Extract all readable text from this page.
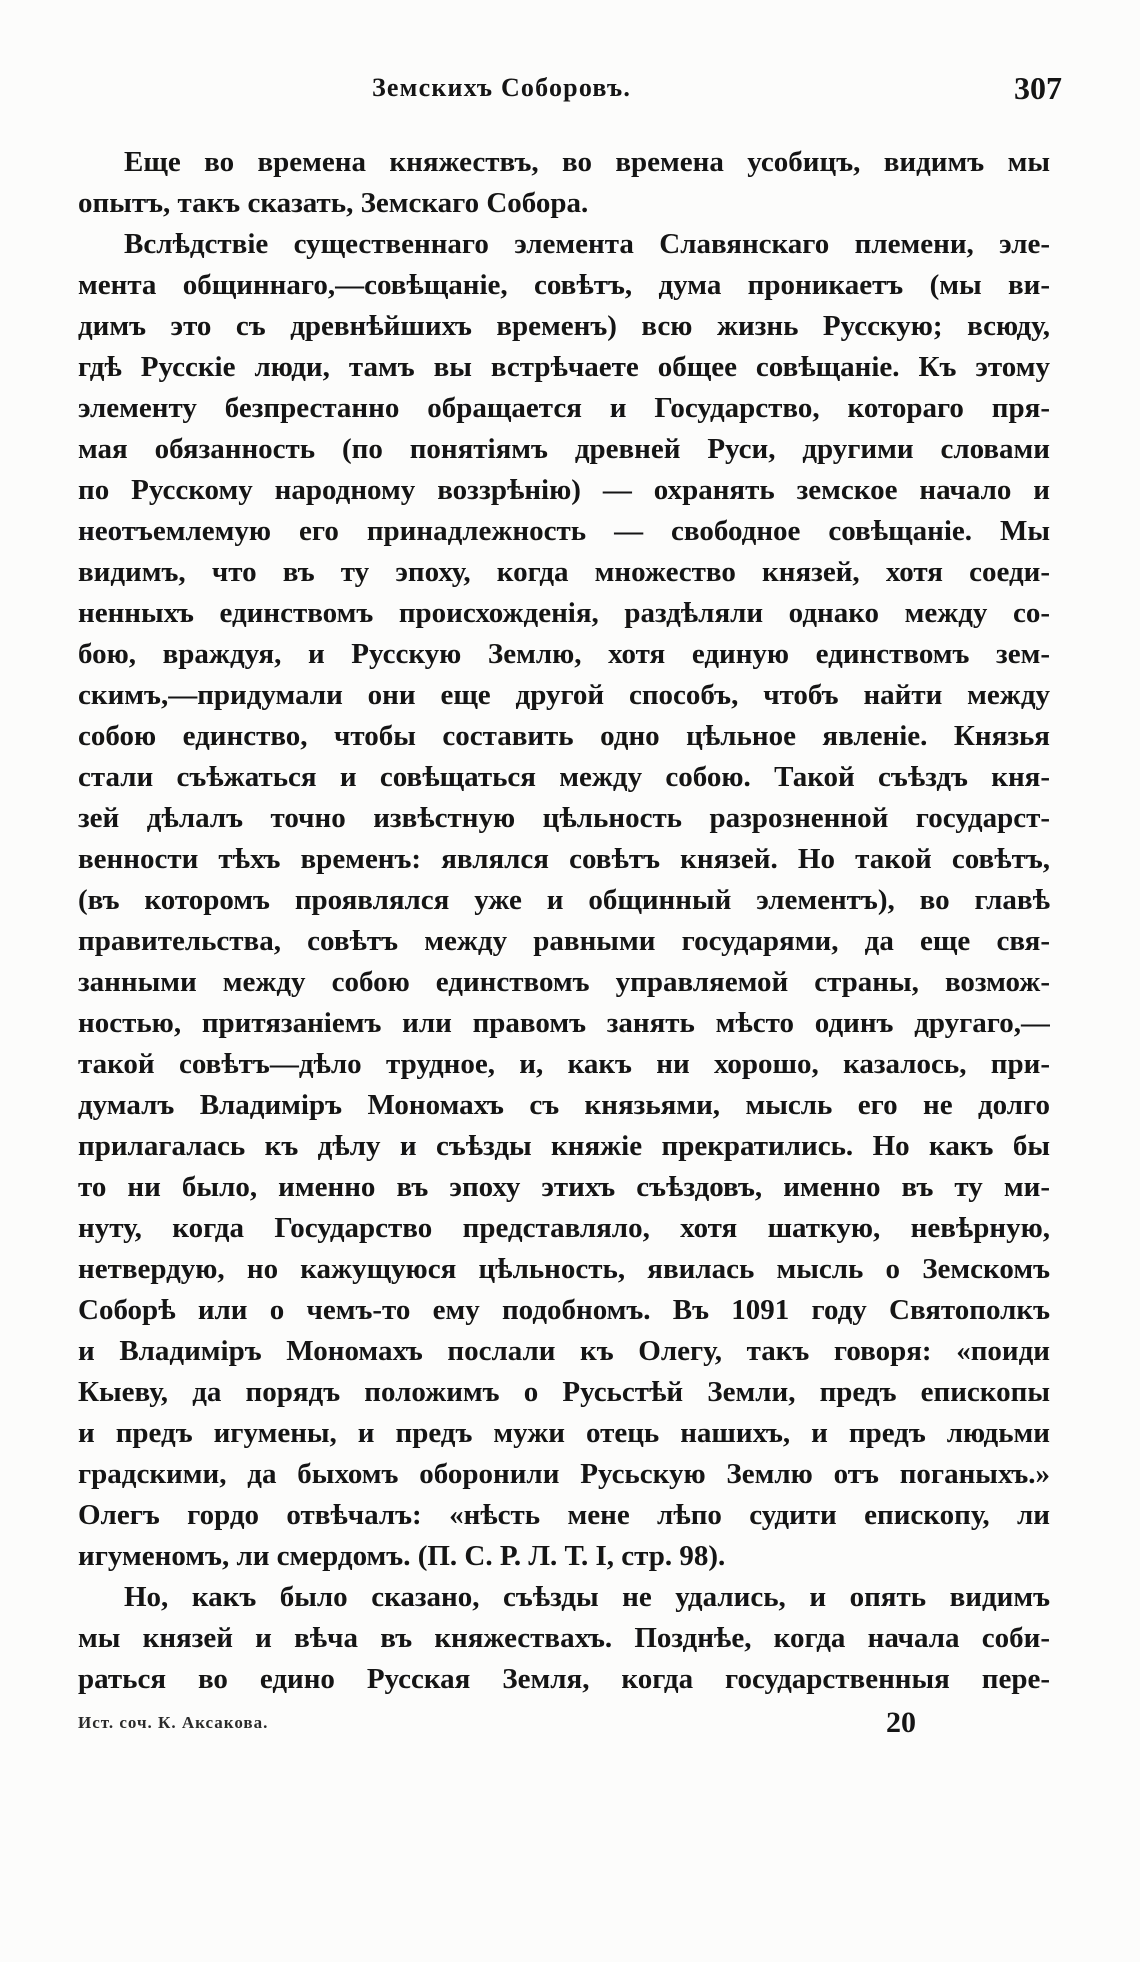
Земскихъ Соборовъ.	307
Еще во времена княжествъ, во времена усобицъ, видимъ мы
опытъ, такъ сказать, Земскаго Собора.
Вслѣдствіе существеннаго элемента Славянскаго племени, эле-
мента общиннаго,—совѣщаніе, совѣтъ, дума проникаетъ (мы ви-
димъ это съ древнѣйшихъ временъ) всю жизнь Русскую; всюду,
гдѣ Русскіе люди, тамъ вы встрѣчаете общее совѣщаніе. Къ этому
элементу безпрестанно обращается и Государство, котораго пря-
мая обязанность (по понятіямъ древней Руси, другими словами
по Русскому народному воззрѣнію) — охранять земское начало и
неотъемлемую его принадлежность — свободное совѣщаніе. Мы
видимъ, что въ ту эпоху, когда множество князей, хотя соеди-
ненныхъ единствомъ происхожденія, раздѣляли однако между со-
бою, враждуя, и Русскую Землю, хотя единую единствомъ зем-
скимъ,—придумали они еще другой способъ, чтобъ найти между
собою единство, чтобы составить одно цѣльное явленіе. Князья
стали съѣжаться и совѣщаться между собою. Такой съѣздъ кня-
зей дѣлалъ точно извѣстную цѣльность разрозненной государст-
венности тѣхъ временъ: являлся совѣтъ князей. Но такой совѣтъ,
(въ которомъ проявлялся уже и общинный элементъ), во главѣ
правительства, совѣтъ между равными государями, да еще свя-
занными между собою единствомъ управляемой страны, возмож-
ностью, притязаніемъ или правомъ занять мѣсто одинъ другаго,—
такой совѣтъ—дѣло трудное, и, какъ ни хорошо, казалось, при-
думалъ Владиміръ Мономахъ съ князьями, мысль его не долго
прилагалась къ дѣлу и съѣзды княжіе прекратились. Но какъ бы
то ни было, именно въ эпоху этихъ съѣздовъ, именно въ ту ми-
нуту, когда Государство представляло, хотя шаткую, невѣрную,
нетвердую, но кажущуюся цѣльность, явилась мысль о Земскомъ
Соборѣ или о чемъ-то ему подобномъ. Въ 1091 году Святополкъ
и Владиміръ Мономахъ послали къ Олегу, такъ говоря: «поиди
Кыеву, да порядъ положимъ о Русьстѣй Земли, предъ епископы
и предъ игумены, и предъ мужи отець нашихъ, и предъ людьми
градскими, да быхомъ оборонили Русьскую Землю отъ поганыхъ.»
Олегъ гордо отвѣчалъ: «нѣсть мене лѣпо судити епископу, ли
игуменомъ, ли смердомъ. (П. С. Р. Л. Т. I, стр. 98).
Но, какъ было сказано, съѣзды не удались, и опять видимъ
мы князей и вѣча въ княжествахъ. Позднѣе, когда начала соби-
раться во едино Русская Земля, когда государственныя пере-
Ист. соч. К. Аксакова.	20
